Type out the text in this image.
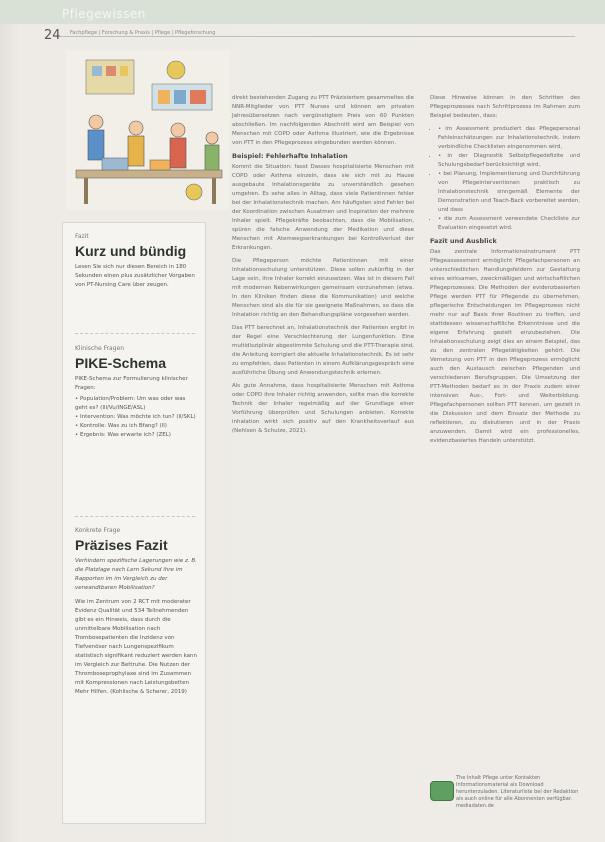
Pflegewissen
24 Fachpflege | Forschung & Praxis | Pflege | Pflegeforschung
Fazit
Kurz und bündig
Lesen Sie sich nur diesen Bereich in 180 Sekunden einen plus zusätzlicher Vorgaben von PT-Nursing Care über zeugen.
Klinische Fragen
PIKE-Schema
PIKE-Schema zur Formulierung klinischer Fragen:
• Population/Problem: Um was oder was geht es? (Ill/Vu/INGE/ASL)
• Intervention: Was möchte ich tun? (ll/SKL)
• Kontrolle: Was zu ich Bfang? (ll)
• Ergebnis: Was erwarte ich? (ZEL)
Konkrete Frage
Präzises Fazit
Verhindern spezifische Lagerungen wie z. B. die Platzlage nach Lern Sekund ihre im Rapporten im im Vergleich zu der verwandtbaren Mobilisation?
Wie im Zentrum von 2 RCT mit moderater Evidenz Qualität und 534 Teilnehmenden gibt es ein Hinweis, dass durch die unmittelbare Mobilisation nach Trombosepatienten die Inzidenz von Tiefvenöser nach Lungenspezifikum statistisch signifikant reduziert werden kann im Vergleich zur Bettruhe. Die Nutzen der Thromboseprophylaxe sind im Zusammen mit Kompressionen nach Leistungsbetten Mehr Hilfen. (Kohlische & Scherer, 2019)

direkt bestehenden Zugang zu PTT Präzisiertem gesammeltes die NNR-Mitglieder von PTT Nurses und können am privaten Jahresübersetzen nach vergünstigtem Preis von 60 Punkten abschließen. Im nachfolgenden Abschnitt wird am Beispiel von Menschen mit COPD oder Asthma illustriert, wie die Ergebnisse von PTT in den Pflegeprozess eingebunden werden können.

Beispiel: Fehlerhafte Inhalation

Kommt die Situation: fasst Dasses hospitalisierte Menschen mit COPD oder Asthma einzeln, dass sie sich mit zu Hause ausgebaute Inhalationsgeräte zu unverständlich gesehen umgehen. Es sehe alles in Alltag, dass viele Patientinnen fehler bei der Inhalationstechnik machen. Am häufigsten sind Fehler bei der Koordination zwischen Ausatmen und Inspiration der mehrere Inhaler spielt. Pflegekräfte beobachten, dass die Mobilisation, spüren die falsche Anwendung der Medikation und diese Menschen mit Atemwegserkrankungen bei Kontrollverlust der Erkrankungen.

Die Pflegeperson möchte Patientinnen mit einer Inhalationsschulung unterstützen. Diese sollen zukünftig in der Lage sein, ihre Inhaler korrekt einzusetzen. Was ist in diesem Fall mit modernen Nebenwirkungen gemeinsam vorzunehmen (etwa. In den Kliniken finden diese die Kommunikation) und welche Menschen sind als die für sie geeignete Maßnahmen, so dass die Inhalation richtig an den Behandlungspläne vorgesehen werden.

Das PTT berechnet an, Inhalationstechnik der Patienten ergibt in der Regel eine Verschlechterung der Lungenfunktion. Eine multidisziplinär abgestimmte Schulung und die PTT-Therapie sind, die Anleitung korrigiert die aktuelle Inhalationstechnik. Es ist sehr zu empfehlen, dass Patienten in einem Aufklärungsgespräch eine ausführliche Übung und Anwendungstechnik erlernen.

Als gute Annahme, dass hospitalisierte Menschen mit Asthma oder COPD ihre Inhaler richtig anwenden, sollte man die korrekte Technik der Inhaler regelmäßig auf der Grundlage einer Vorführung überprüfen und Schulungen anbieten. Korrekte inhalation wirkt sich positiv auf den Krankheitsverlauf aus (Nehlsen & Schulze, 2021).

Diese Hinweise können in den Schritten des Pflegeprozesses nach Schrittprozess im Rahmen zum Beispiel bedeuten, dass:

• • im Assessment produziert das Pflegepersonal Fehleinschätzungen zur Inhalationstechnik, indem verbindliche Checklisten eingenommen wird,
• • in der Diagnostik Selbstpflegedefizite und Schulungsbedarf berücksichtigt wird,
• • bei Planung, Implementierung und Durchführung von Pflegeinterventionen praktisch zu Inhalationstechnik sinngemäß Elemente der Demonstration und Teach-Back vorbereitet werden, und dass
• • die zum Assessment verwendete Checkliste zur Evaluation eingesetzt wird.
Fazit und Ausblick

Das zentrale Informationsinstrument PTT Pflegeassessment ermöglicht Pflegefachpersonen an unterschiedlichen Handlungsfeldern zur Gestaltung eines wirksamen, zweckmäßigen und wirtschaftlichen Pflegeprozesses. Die Methoden der evidenzbasierten Pflege werden PTT für Pflegende zu übernehmen, pflegerische Entscheidungen im Pflegeprozess nicht mehr nur auf Basis ihrer Routinen zu treffen, und stattdessen wissenschaftliche Erkenntnisse und die eigene Erfahrung gezielt einzubeziehen. Die Inhalationsschulung zeigt dies an einem Beispiel, das zu den zentralen Pflegetätigkeiten gehört. Die Vernetzung von PTT in den Pflegeprozess ermöglicht auch den Austausch zwischen Pflegenden und verschiedenen Berufsgruppen. Die Umsetzung der PTT-Methoden bedarf es in der Praxis zudem einer intensiven Aus-, Fort- und Weiterbildung. Pflegefachpersonen sollten PTT kennen, um gezielt in die Diskussion und dem Einsatz der Methode zu reflektieren, zu diskutieren und in der Praxis anzuwenden. Damit wird ein professionelles, evidenzbasiertes Handeln unterstützt.

The Inhalt Pflege unter Kontakten Informationsmaterial als Download herunterzuladen. Literaturliste bei der Redaktion als auch online für alle Abonnenten verfügbar. mediadaten.de
